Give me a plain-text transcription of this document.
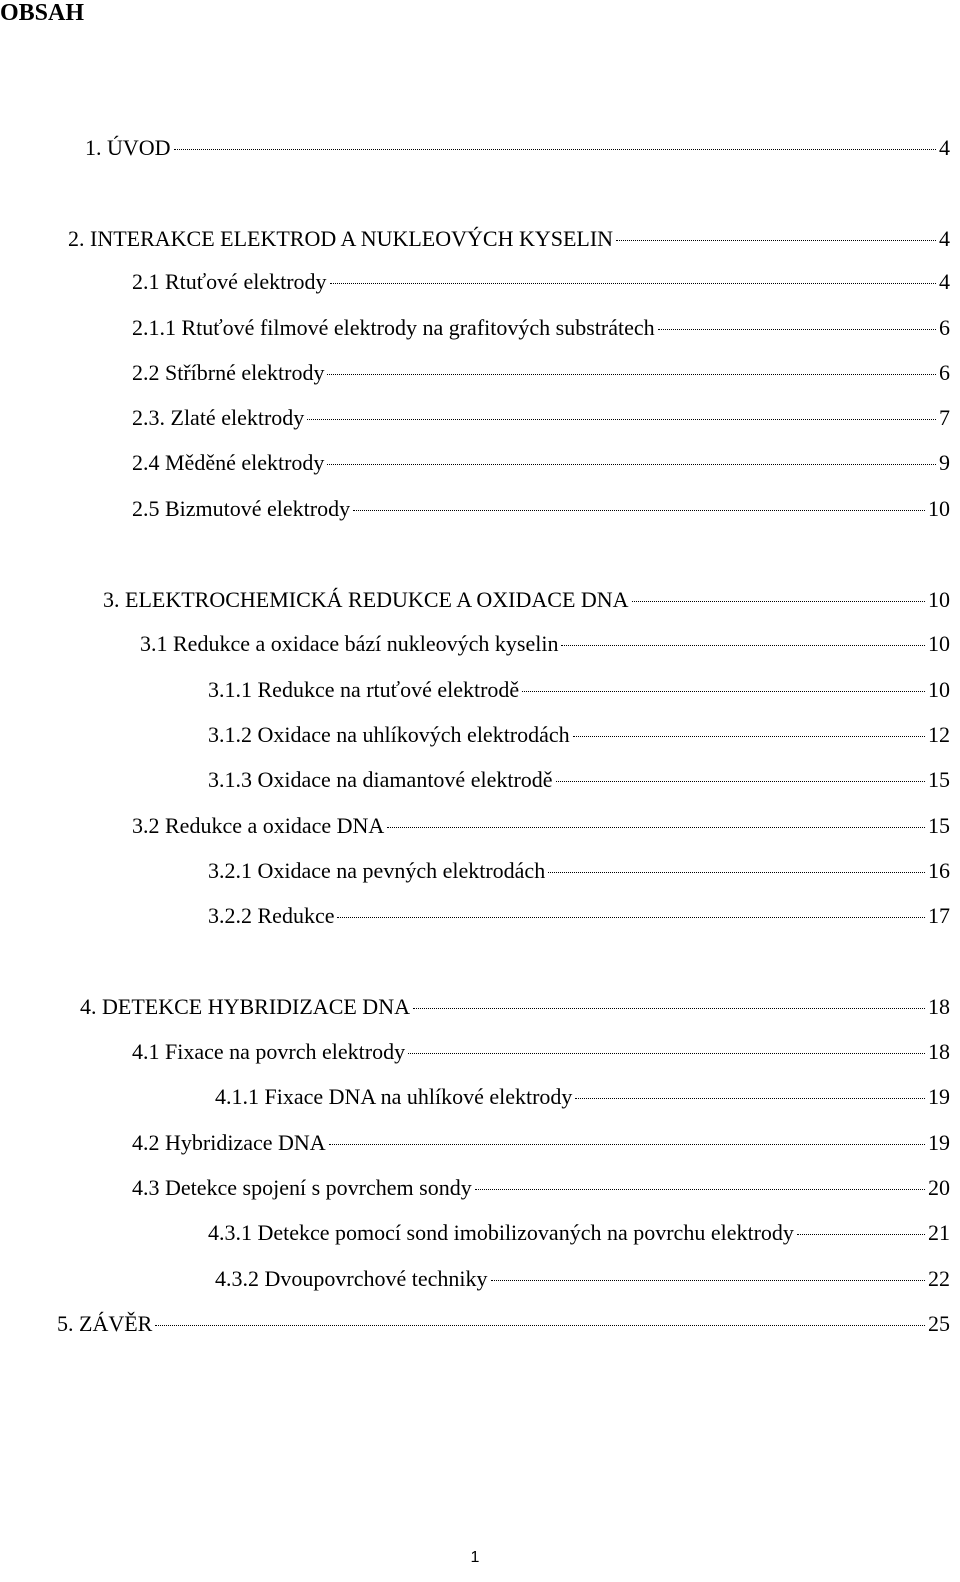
OBSAH
1. ÚVOD	4
2. INTERAKCE ELEKTROD A NUKLEOVÝCH KYSELIN	4
2.1 Rtuťové elektrody	4
2.1.1 Rtuťové filmové elektrody na grafitových substrátech	6
2.2 Stříbrné elektrody	6
2.3. Zlaté elektrody	7
2.4 Měděné elektrody	9
2.5 Bizmutové elektrody	10
3. ELEKTROCHEMICKÁ REDUKCE A OXIDACE DNA	10
3.1 Redukce a oxidace bází nukleových kyselin	10
3.1.1 Redukce na rtuťové elektrodě	10
3.1.2 Oxidace na uhlíkových elektrodách	12
3.1.3 Oxidace na diamantové elektrodě	15
3.2 Redukce a oxidace DNA	15
3.2.1 Oxidace na pevných elektrodách	16
3.2.2 Redukce	17
4. DETEKCE HYBRIDIZACE DNA	18
4.1 Fixace na povrch elektrody	18
4.1.1 Fixace DNA na uhlíkové elektrody	19
4.2 Hybridizace DNA	19
4.3 Detekce spojení s povrchem sondy	20
4.3.1 Detekce pomocí sond imobilizovaných na povrchu elektrody	21
4.3.2 Dvoupovrchové techniky	22
5. ZÁVĚR	25
1
